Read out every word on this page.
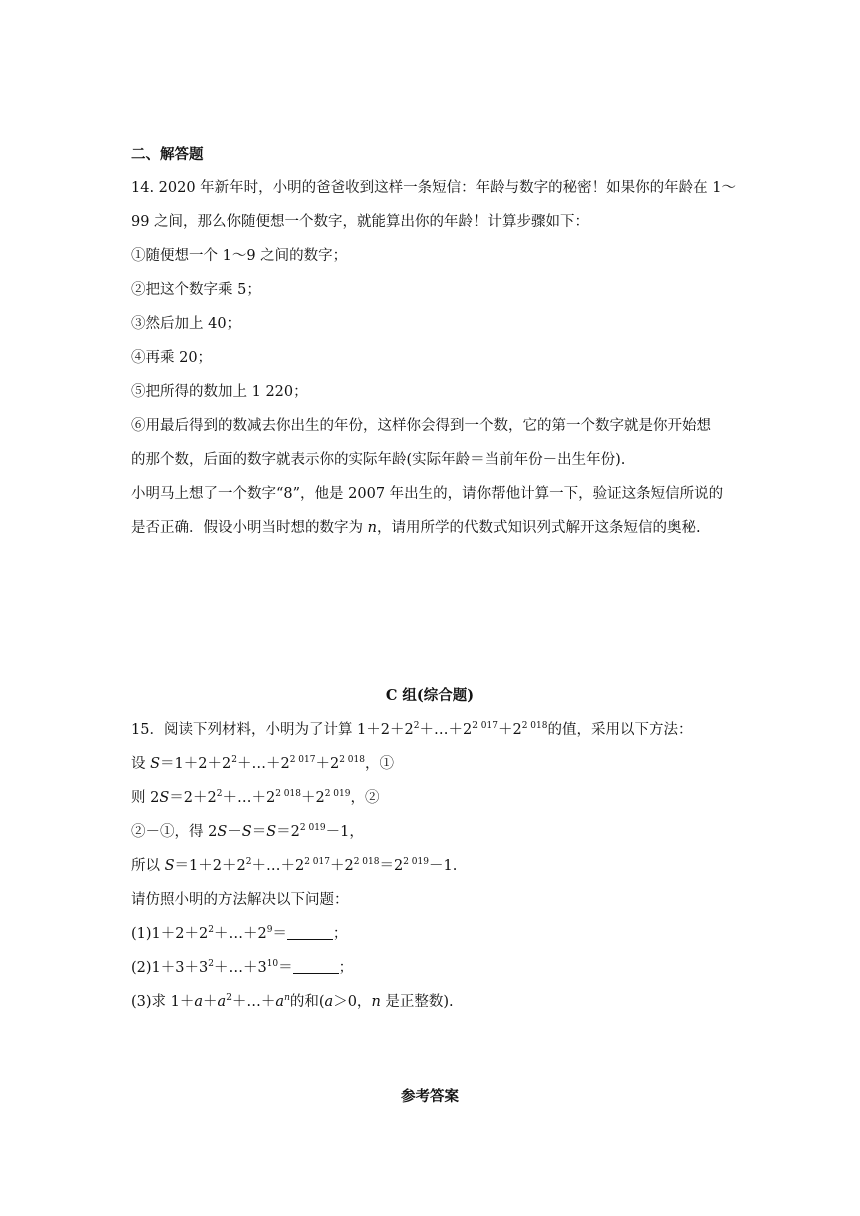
二、解答题

14. 2020 年新年时，小明的爸爸收到这样一条短信：年龄与数字的秘密！如果你的年龄在 1～

99 之间，那么你随便想一个数字，就能算出你的年龄！计算步骤如下：

①随便想一个 1～9 之间的数字；

②把这个数字乘 5；

③然后加上 40；

④再乘 20；

⑤把所得的数加上 1 220；

⑥用最后得到的数减去你出生的年份，这样你会得到一个数，它的第一个数字就是你开始想

的那个数，后面的数字就表示你的实际年龄(实际年龄＝当前年份－出生年份).

小明马上想了一个数字“8”，他是 2007 年出生的，请你帮他计算一下，验证这条短信所说的

是否正确．假设小明当时想的数字为 n，请用所学的代数式知识列式解开这条短信的奥秘.

C 组(综合题)

15．阅读下列材料，小明为了计算 $1+2+2^2+\dots+2^{2 017}+2^{2 018}$的值，采用以下方法：

设 $S=1+2+2^2+\dots+2^{2 017}+2^{2 018}$，①

则 $2S=2+2^2+\dots+2^{2 018}+2^{2 019}$，②

②－①，得 $2S-S=S=2^{2 019}-1$，

所以 $S=1+2+2^2+\dots+2^{2 017}+2^{2 018}=2^{2 019}-1$.

请仿照小明的方法解决以下问题：

$(1)1+2+2^2+\dots+2^9=$	；

$(2)1+3+3^2+\dots+3^{10}=$	；

(3)求 $1+a+a^2+\dots+a^n$的和(a＞0，n 是正整数).

参考答案
